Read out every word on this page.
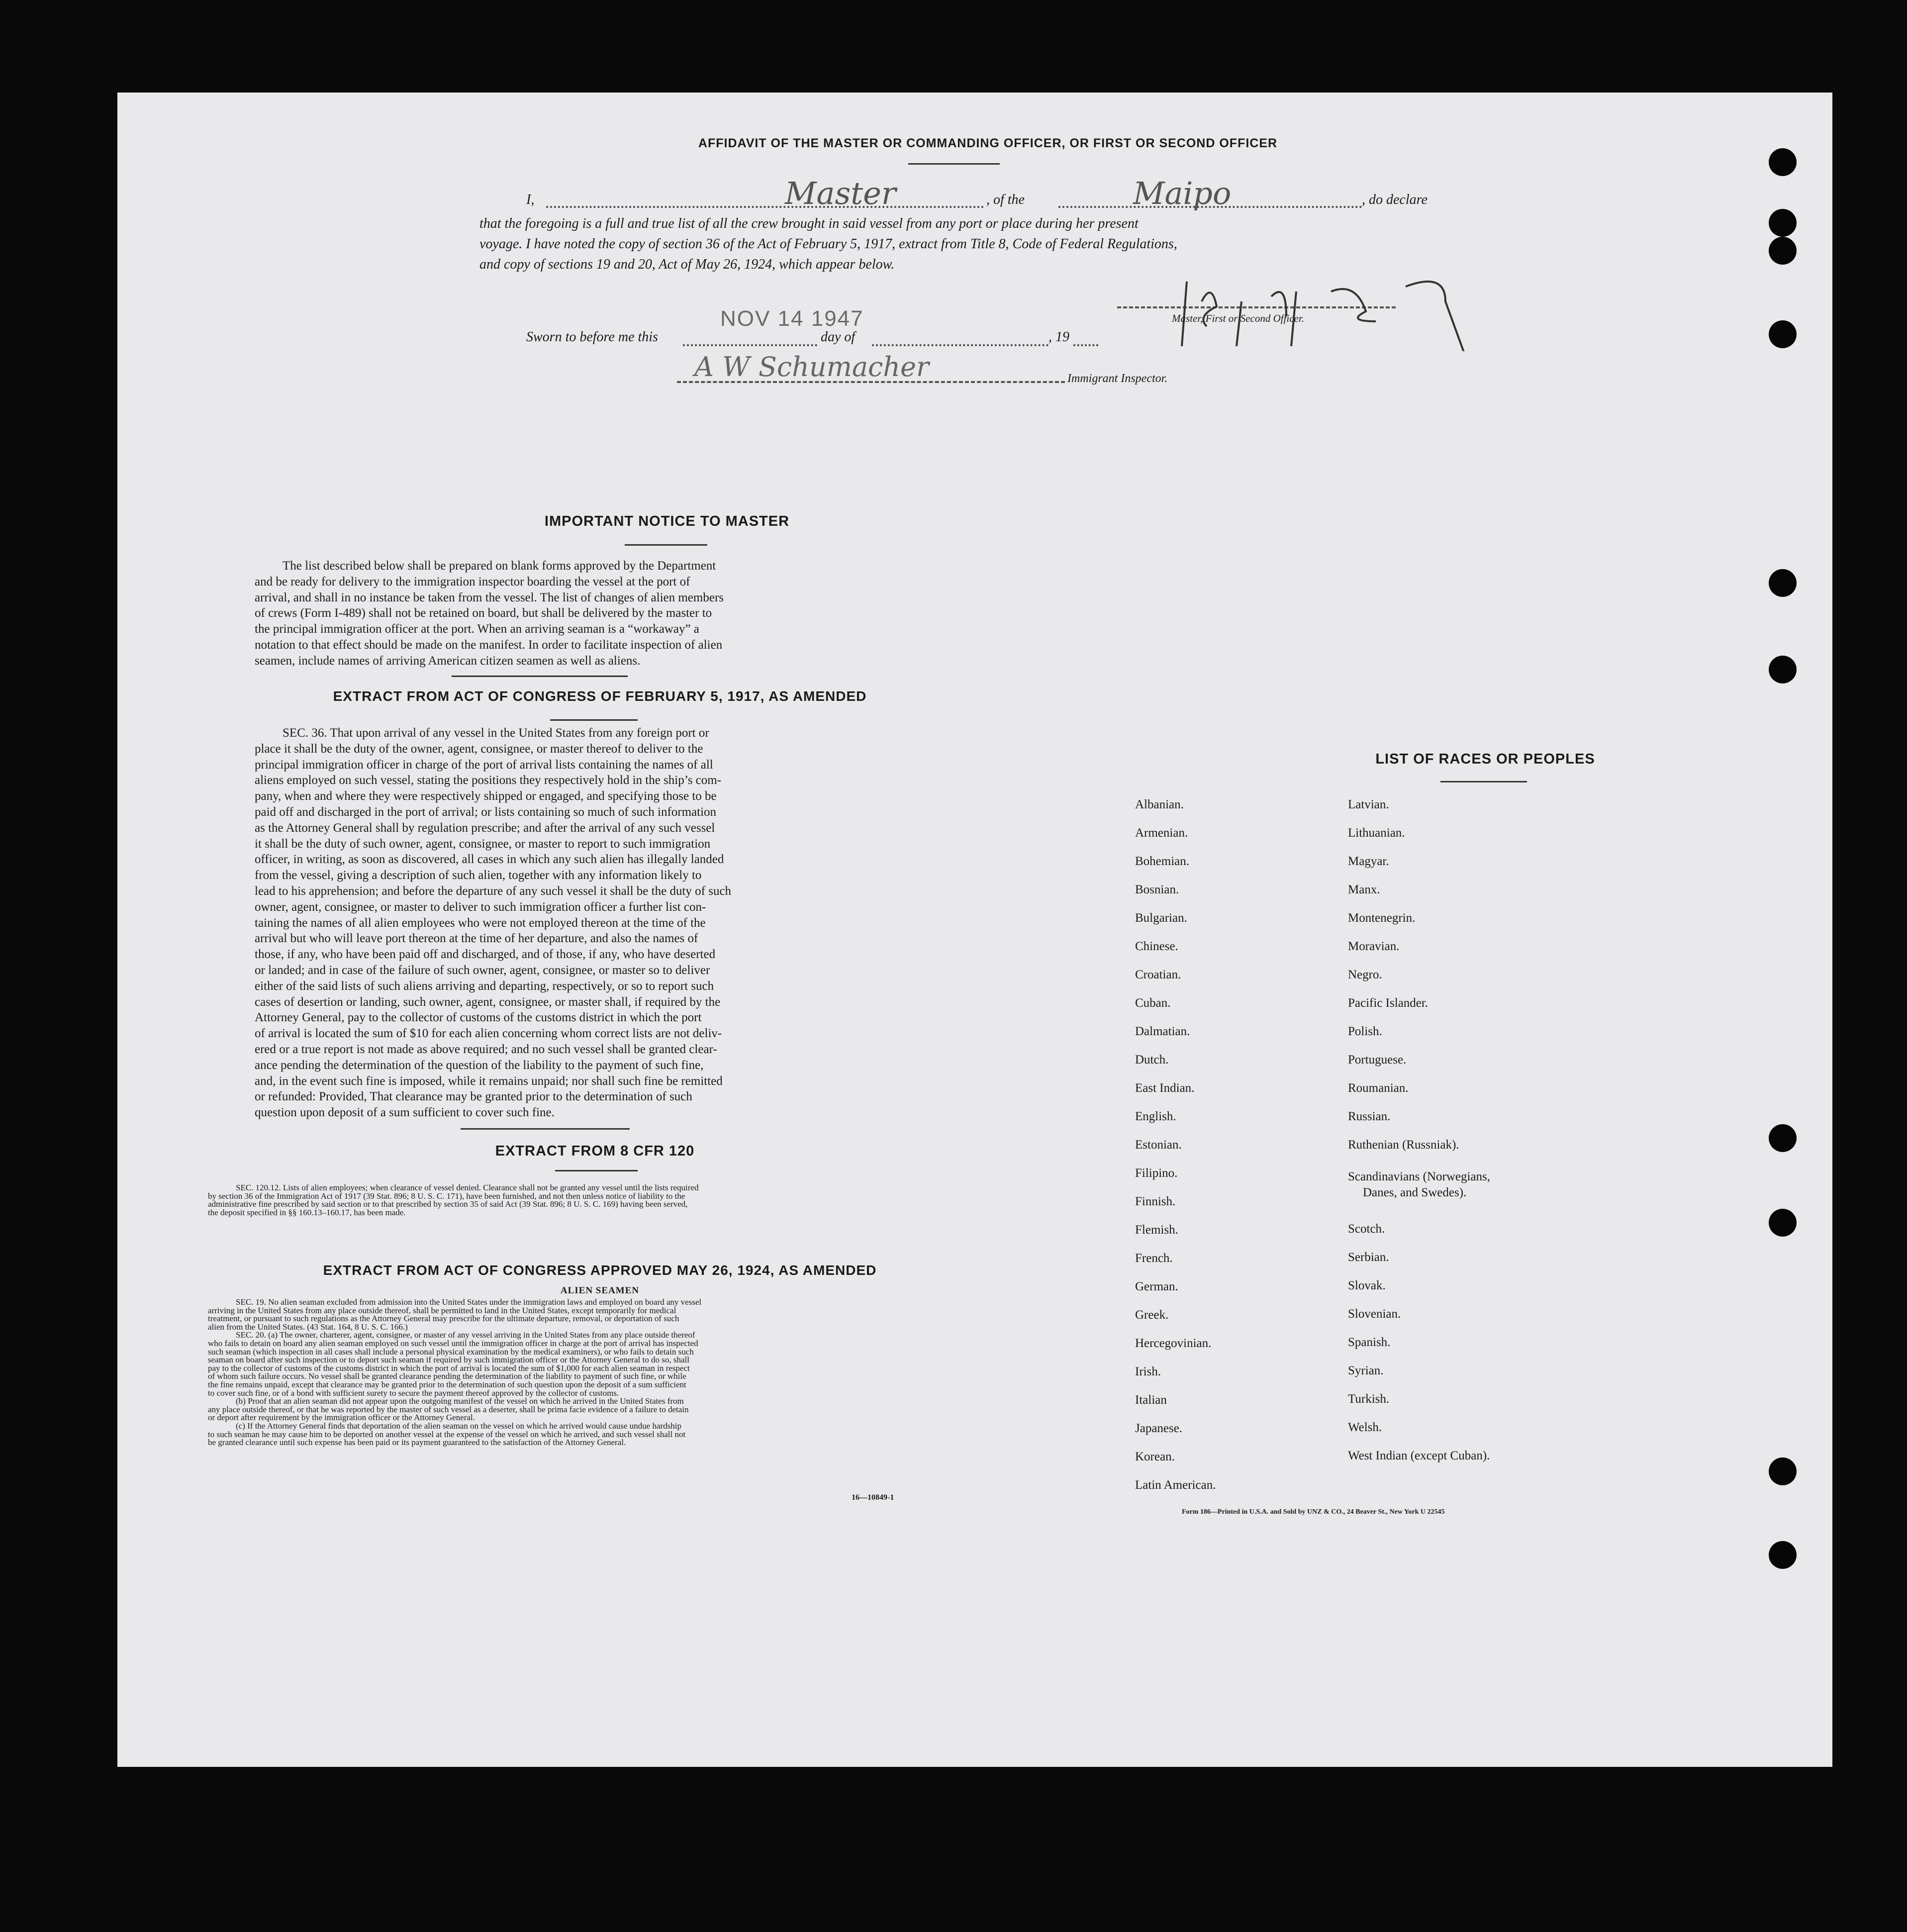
AFFIDAVIT OF THE MASTER OR COMMANDING OFFICER, OR FIRST OR SECOND OFFICER
I,	Master	, of the	Maipo	, do declare
that the foregoing is a full and true list of all the crew brought in said vessel from any port or place during her present
voyage. I have noted the copy of section 36 of the Act of February 5, 1917, extract from Title 8, Code of Federal Regulations,
and copy of sections 19 and 20, Act of May 26, 1924, which appear below.
Master, First or Second Officer.
Sworn to before me this
NOV 14 1947
day of	, 19
A W Schumacher	Immigrant Inspector.
IMPORTANT NOTICE TO MASTER
The list described below shall be prepared on blank forms approved by the Department
and be ready for delivery to the immigration inspector boarding the vessel at the port of
arrival, and shall in no instance be taken from the vessel. The list of changes of alien members
of crews (Form I-489) shall not be retained on board, but shall be delivered by the master to
the principal immigration officer at the port. When an arriving seaman is a “workaway” a
notation to that effect should be made on the manifest. In order to facilitate inspection of alien
seamen, include names of arriving American citizen seamen as well as aliens.
EXTRACT FROM ACT OF CONGRESS OF FEBRUARY 5, 1917, AS AMENDED
SEC. 36. That upon arrival of any vessel in the United States from any foreign port or
place it shall be the duty of the owner, agent, consignee, or master thereof to deliver to the
principal immigration officer in charge of the port of arrival lists containing the names of all
aliens employed on such vessel, stating the positions they respectively hold in the ship’s com-
pany, when and where they were respectively shipped or engaged, and specifying those to be
paid off and discharged in the port of arrival; or lists containing so much of such information
as the Attorney General shall by regulation prescribe; and after the arrival of any such vessel
it shall be the duty of such owner, agent, consignee, or master to report to such immigration
officer, in writing, as soon as discovered, all cases in which any such alien has illegally landed
from the vessel, giving a description of such alien, together with any information likely to
lead to his apprehension; and before the departure of any such vessel it shall be the duty of such
owner, agent, consignee, or master to deliver to such immigration officer a further list con-
taining the names of all alien employees who were not employed thereon at the time of the
arrival but who will leave port thereon at the time of her departure, and also the names of
those, if any, who have been paid off and discharged, and of those, if any, who have deserted
or landed; and in case of the failure of such owner, agent, consignee, or master so to deliver
either of the said lists of such aliens arriving and departing, respectively, or so to report such
cases of desertion or landing, such owner, agent, consignee, or master shall, if required by the
Attorney General, pay to the collector of customs of the customs district in which the port
of arrival is located the sum of $10 for each alien concerning whom correct lists are not deliv-
ered or a true report is not made as above required; and no such vessel shall be granted clear-
ance pending the determination of the question of the liability to the payment of such fine,
and, in the event such fine is imposed, while it remains unpaid; nor shall such fine be remitted
or refunded: Provided, That clearance may be granted prior to the determination of such
question upon deposit of a sum sufficient to cover such fine.
EXTRACT FROM 8 CFR 120
SEC. 120.12. Lists of alien employees; when clearance of vessel denied. Clearance shall not be granted any vessel until the lists required
by section 36 of the Immigration Act of 1917 (39 Stat. 896; 8 U. S. C. 171), have been furnished, and not then unless notice of liability to the
administrative fine prescribed by said section or to that prescribed by section 35 of said Act (39 Stat. 896; 8 U. S. C. 169) having been served,
the deposit specified in §§ 160.13–160.17, has been made.
EXTRACT FROM ACT OF CONGRESS APPROVED MAY 26, 1924, AS AMENDED
ALIEN SEAMEN
SEC. 19. No alien seaman excluded from admission into the United States under the immigration laws and employed on board any vessel
arriving in the United States from any place outside thereof, shall be permitted to land in the United States, except temporarily for medical
treatment, or pursuant to such regulations as the Attorney General may prescribe for the ultimate departure, removal, or deportation of such
alien from the United States. (43 Stat. 164, 8 U. S. C. 166.)
SEC. 20. (a) The owner, charterer, agent, consignee, or master of any vessel arriving in the United States from any place outside thereof
who fails to detain on board any alien seaman employed on such vessel until the immigration officer in charge at the port of arrival has inspected
such seaman (which inspection in all cases shall include a personal physical examination by the medical examiners), or who fails to detain such
seaman on board after such inspection or to deport such seaman if required by such immigration officer or the Attorney General to do so, shall
pay to the collector of customs of the customs district in which the port of arrival is located the sum of $1,000 for each alien seaman in respect
of whom such failure occurs. No vessel shall be granted clearance pending the determination of the liability to payment of such fine, or while
the fine remains unpaid, except that clearance may be granted prior to the determination of such question upon the deposit of a sum sufficient
to cover such fine, or of a bond with sufficient surety to secure the payment thereof approved by the collector of customs.
(b) Proof that an alien seaman did not appear upon the outgoing manifest of the vessel on which he arrived in the United States from
any place outside thereof, or that he was reported by the master of such vessel as a deserter, shall be prima facie evidence of a failure to detain
or deport after requirement by the immigration officer or the Attorney General.
(c) If the Attorney General finds that deportation of the alien seaman on the vessel on which he arrived would cause undue hardship
to such seaman he may cause him to be deported on another vessel at the expense of the vessel on which he arrived, and such vessel shall not
be granted clearance until such expense has been paid or its payment guaranteed to the satisfaction of the Attorney General.
16—10849-1
LIST OF RACES OR PEOPLES
Albanian.
Armenian.
Bohemian.
Bosnian.
Bulgarian.
Chinese.
Croatian.
Cuban.
Dalmatian.
Dutch.
East Indian.
English.
Estonian.
Filipino.
Finnish.
Flemish.
French.
German.
Greek.
Hercegovinian.
Irish.
Italian
Japanese.
Korean.
Latin American.
Latvian.
Lithuanian.
Magyar.
Manx.
Montenegrin.
Moravian.
Negro.
Pacific Islander.
Polish.
Portuguese.
Roumanian.
Russian.
Ruthenian (Russniak).
Scandinavians (Norwegians,
Danes, and Swedes).
Scotch.
Serbian.
Slovak.
Slovenian.
Spanish.
Syrian.
Turkish.
Welsh.
West Indian (except Cuban).
Form 186—Printed in U.S.A. and Sold by UNZ & CO., 24 Beaver St., New York U 22545
